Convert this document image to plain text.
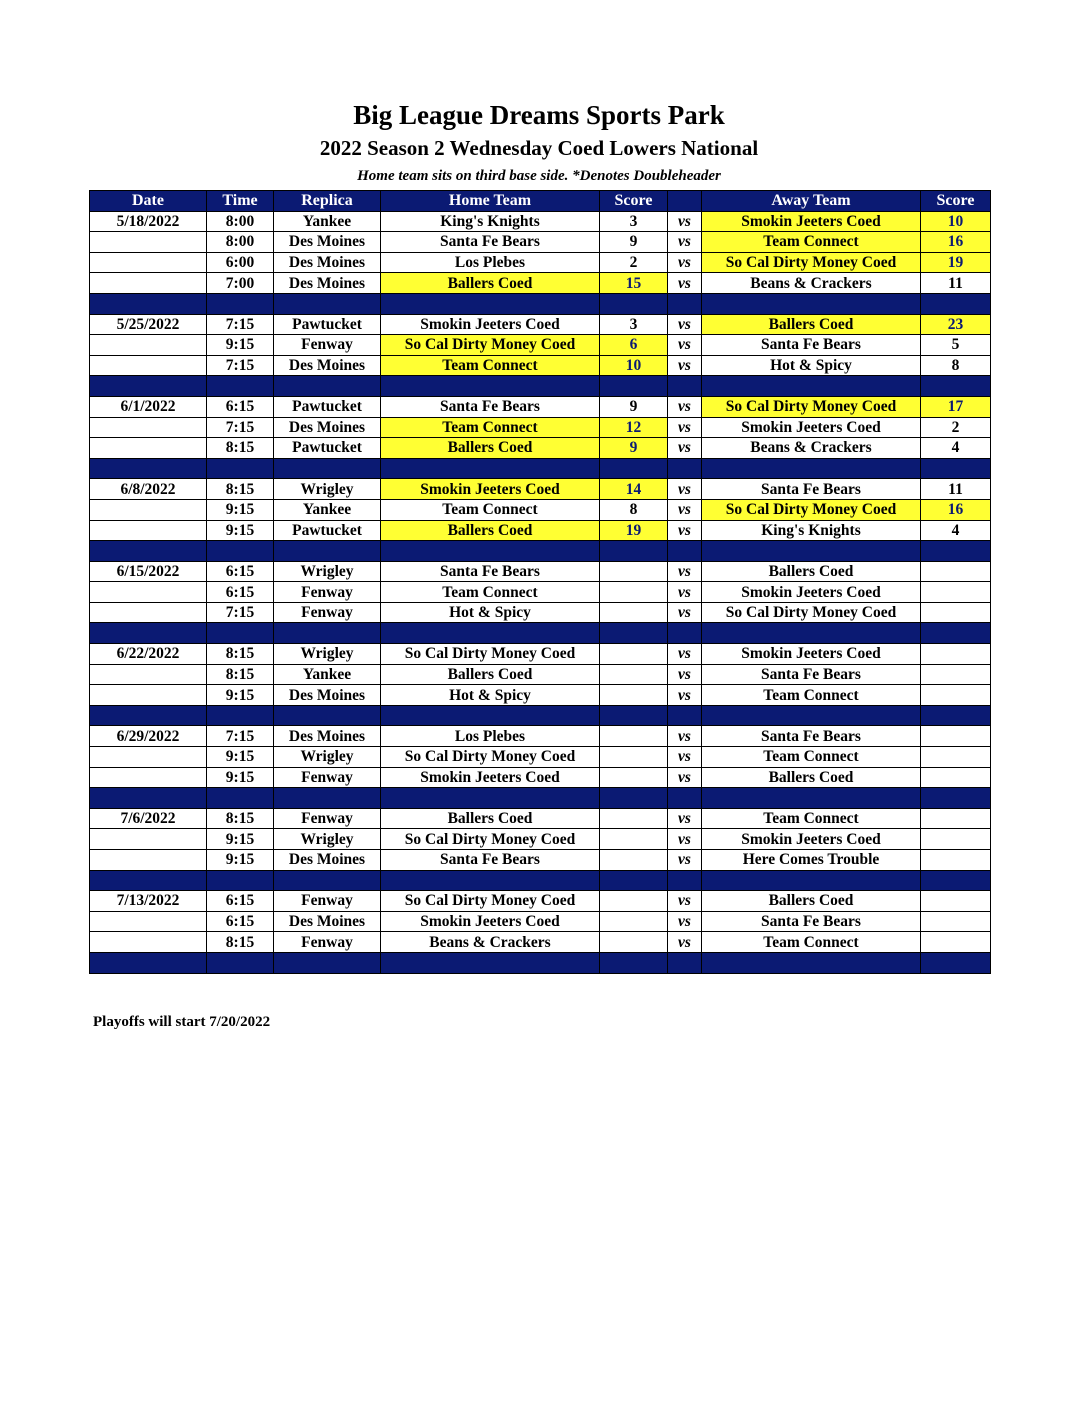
Big League Dreams Sports Park
2022 Season 2 Wednesday Coed Lowers National
Home team sits on third base side. *Denotes Doubleheader
Date	Time	Replica	Home Team	Score		Away Team	Score
5/18/2022	8:00	Yankee	King's Knights	3	vs	Smokin Jeeters Coed	10
	8:00	Des Moines	Santa Fe Bears	9	vs	Team Connect	16
	6:00	Des Moines	Los Plebes	2	vs	So Cal Dirty Money Coed	19
	7:00	Des Moines	Ballers Coed	15	vs	Beans & Crackers	11

5/25/2022	7:15	Pawtucket	Smokin Jeeters Coed	3	vs	Ballers Coed	23
	9:15	Fenway	So Cal Dirty Money Coed	6	vs	Santa Fe Bears	5
	7:15	Des Moines	Team Connect	10	vs	Hot & Spicy	8

6/1/2022	6:15	Pawtucket	Santa Fe Bears	9	vs	So Cal Dirty Money Coed	17
	7:15	Des Moines	Team Connect	12	vs	Smokin Jeeters Coed	2
	8:15	Pawtucket	Ballers Coed	9	vs	Beans & Crackers	4

6/8/2022	8:15	Wrigley	Smokin Jeeters Coed	14	vs	Santa Fe Bears	11
	9:15	Yankee	Team Connect	8	vs	So Cal Dirty Money Coed	16
	9:15	Pawtucket	Ballers Coed	19	vs	King's Knights	4

6/15/2022	6:15	Wrigley	Santa Fe Bears		vs	Ballers Coed	
	6:15	Fenway	Team Connect		vs	Smokin Jeeters Coed	
	7:15	Fenway	Hot & Spicy		vs	So Cal Dirty Money Coed	

6/22/2022	8:15	Wrigley	So Cal Dirty Money Coed		vs	Smokin Jeeters Coed	
	8:15	Yankee	Ballers Coed		vs	Santa Fe Bears	
	9:15	Des Moines	Hot & Spicy		vs	Team Connect	

6/29/2022	7:15	Des Moines	Los Plebes		vs	Santa Fe Bears	
	9:15	Wrigley	So Cal Dirty Money Coed		vs	Team Connect	
	9:15	Fenway	Smokin Jeeters Coed		vs	Ballers Coed	

7/6/2022	8:15	Fenway	Ballers Coed		vs	Team Connect	
	9:15	Wrigley	So Cal Dirty Money Coed		vs	Smokin Jeeters Coed	
	9:15	Des Moines	Santa Fe Bears		vs	Here Comes Trouble	

7/13/2022	6:15	Fenway	So Cal Dirty Money Coed		vs	Ballers Coed	
	6:15	Des Moines	Smokin Jeeters Coed		vs	Santa Fe Bears	
	8:15	Fenway	Beans & Crackers		vs	Team Connect	

Playoffs will start 7/20/2022
